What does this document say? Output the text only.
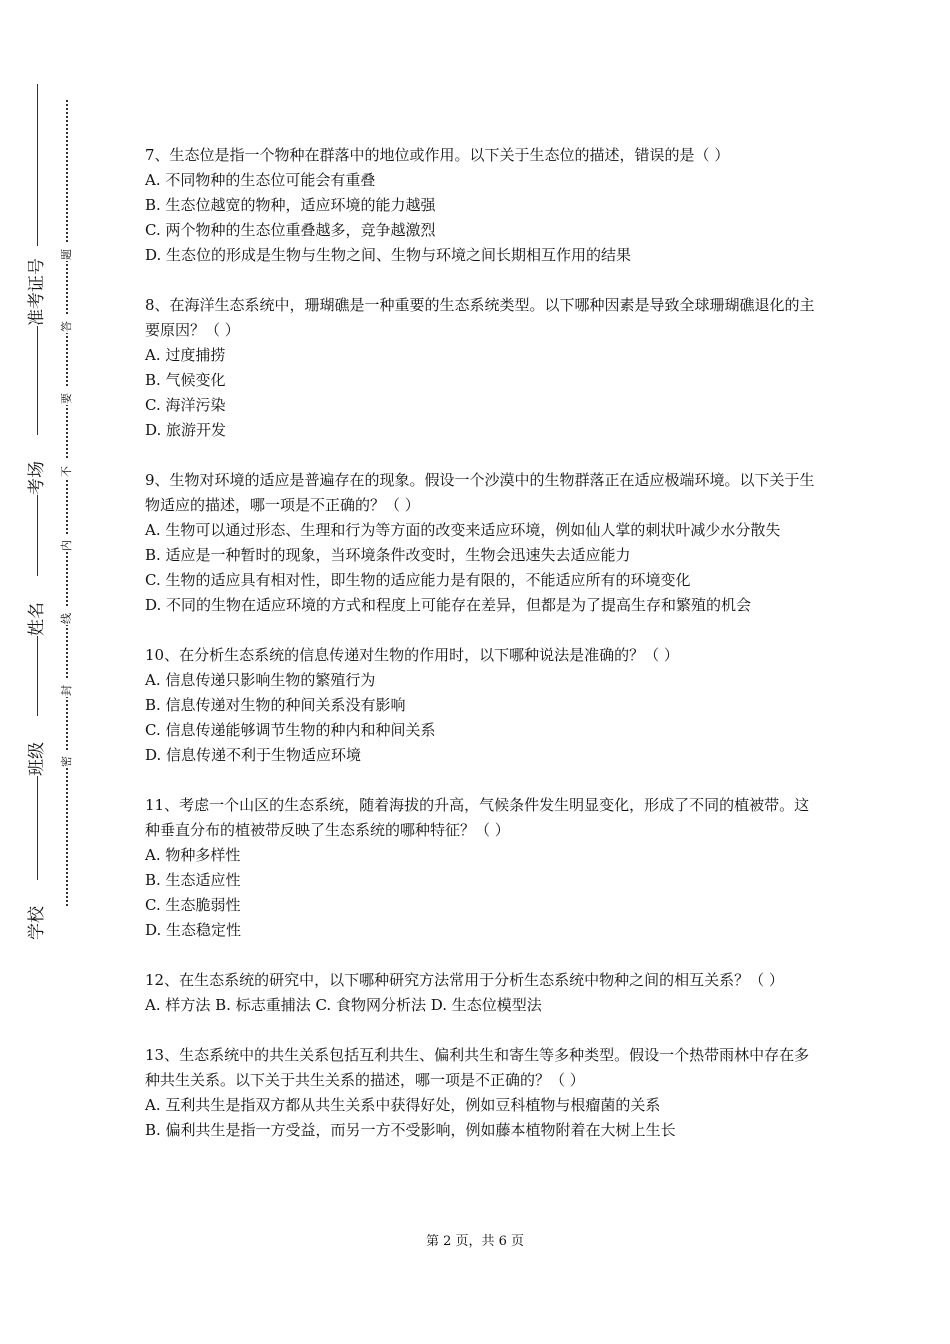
准考证号
考场
姓名
班级
学校
题
答
要
不
内
线
封
密

7、生态位是指一个物种在群落中的地位或作用。以下关于生态位的描述，错误的是（ ）

A. 不同物种的生态位可能会有重叠

B. 生态位越宽的物种，适应环境的能力越强

C. 两个物种的生态位重叠越多，竞争越激烈

D. 生态位的形成是生物与生物之间、生物与环境之间长期相互作用的结果

8、在海洋生态系统中，珊瑚礁是一种重要的生态系统类型。以下哪种因素是导致全球珊瑚礁退化的主要原因？（ ）

A. 过度捕捞

B. 气候变化

C. 海洋污染

D. 旅游开发

9、生物对环境的适应是普遍存在的现象。假设一个沙漠中的生物群落正在适应极端环境。以下关于生物适应的描述，哪一项是不正确的？（ ）

A. 生物可以通过形态、生理和行为等方面的改变来适应环境，例如仙人掌的刺状叶减少水分散失

B. 适应是一种暂时的现象，当环境条件改变时，生物会迅速失去适应能力

C. 生物的适应具有相对性，即生物的适应能力是有限的，不能适应所有的环境变化

D. 不同的生物在适应环境的方式和程度上可能存在差异，但都是为了提高生存和繁殖的机会

10、在分析生态系统的信息传递对生物的作用时，以下哪种说法是准确的？（ ）

A. 信息传递只影响生物的繁殖行为

B. 信息传递对生物的种间关系没有影响

C. 信息传递能够调节生物的种内和种间关系

D. 信息传递不利于生物适应环境

11、考虑一个山区的生态系统，随着海拔的升高，气候条件发生明显变化，形成了不同的植被带。这种垂直分布的植被带反映了生态系统的哪种特征？（ ）

A. 物种多样性

B. 生态适应性

C. 生态脆弱性

D. 生态稳定性

12、在生态系统的研究中，以下哪种研究方法常用于分析生态系统中物种之间的相互关系？（ ）

A. 样方法 B. 标志重捕法 C. 食物网分析法 D. 生态位模型法

13、生态系统中的共生关系包括互利共生、偏利共生和寄生等多种类型。假设一个热带雨林中存在多种共生关系。以下关于共生关系的描述，哪一项是不正确的？（ ）

A. 互利共生是指双方都从共生关系中获得好处，例如豆科植物与根瘤菌的关系

B. 偏利共生是指一方受益，而另一方不受影响，例如藤本植物附着在大树上生长

第 2 页，共 6 页
